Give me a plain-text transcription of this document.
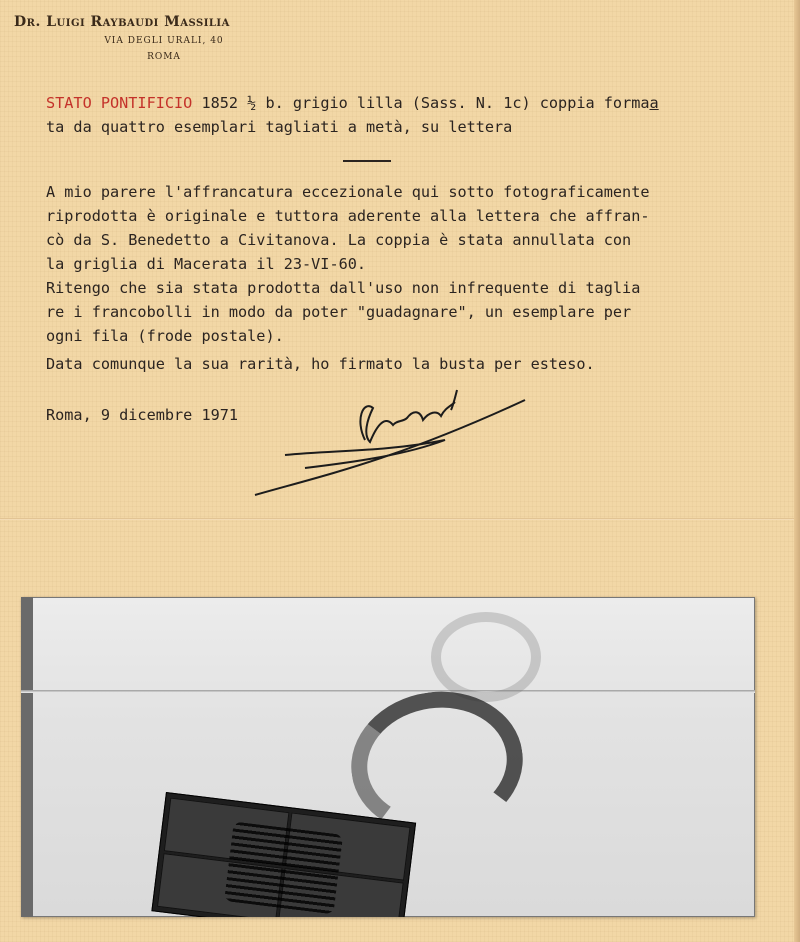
Dr. Luigi Raybaudi Massilia
VIA DEGLI URALI, 40
ROMA
STATO PONTIFICIO 1852 ½ b. grigio lilla (Sass. N. 1c) coppia formaa
ta da quattro esemplari tagliati a metà, su lettera
A mio parere l'affrancatura eccezionale qui sotto fotograficamente
riprodotta è originale e tuttora aderente alla lettera che affran-
cò da S. Benedetto a Civitanova. La coppia è stata annullata con
la griglia di Macerata il 23-VI-60.
Ritengo che sia stata prodotta dall'uso non infrequente di taglia
re i francobolli in modo da poter "guadagnare", un esemplare per
ogni fila (frode postale).
Data comunque la sua rarità, ho firmato la busta per esteso.
Roma, 9 dicembre 1971
